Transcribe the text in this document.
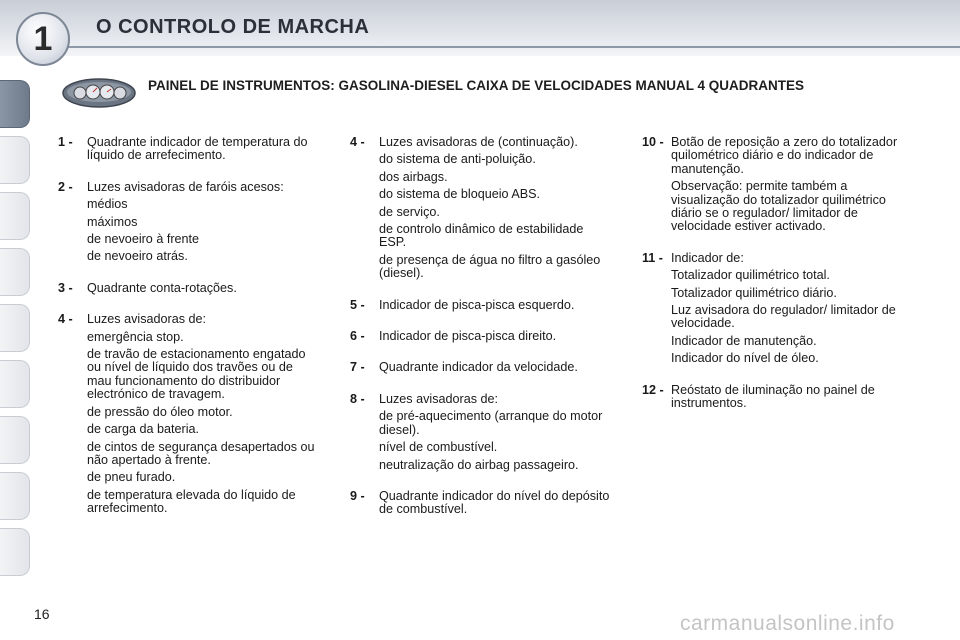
1	O CONTROLO DE MARCHA
PAINEL DE INSTRUMENTOS: GASOLINA-DIESEL CAIXA DE VELOCIDADES MANUAL 4 QUADRANTES
1 -	Quadrante indicador de temperatura do líquido de arrefecimento.
2 -	Luzes avisadoras de faróis acesos:
médios
máximos
de nevoeiro à frente
de nevoeiro atrás.
3 -	Quadrante conta-rotações.
4 -	Luzes avisadoras de:
emergência stop.
de travão de estacionamento engatado ou nível de líquido dos travões ou de mau funcionamento do distribuidor electrónico de travagem.
de pressão do óleo motor.
de carga da bateria.
de cintos de segurança desapertados ou não apertado à frente.
de pneu furado.
de temperatura elevada do líquido de arrefecimento.
4 -	Luzes avisadoras de (continuação).
do sistema de anti-poluição.
dos airbags.
do sistema de bloqueio ABS.
de serviço.
de controlo dinâmico de estabilidade ESP.
de presença de água no filtro a gasóleo (diesel).
5 -	Indicador de pisca-pisca esquerdo.
6 -	Indicador de pisca-pisca direito.
7 -	Quadrante indicador da velocidade.
8 -	Luzes avisadoras de:
de pré-aquecimento (arranque do motor diesel).
nível de combustível.
neutralização do airbag passageiro.
9 -	Quadrante indicador do nível do depósito de combustível.
10 - Botão de reposição a zero do totalizador quilométrico diário e do indicador de manutenção.
Observação: permite também a visualização do totalizador quilimétrico diário se o regulador/ limitador de velocidade estiver activado.
11 - Indicador de:
Totalizador quilimétrico total.
Totalizador quilimétrico diário.
Luz avisadora do regulador/ limitador de velocidade.
Indicador de manutenção.
Indicador do nível de óleo.
12 - Reóstato de iluminação no painel de instrumentos.
16	carmanualsonline.info
